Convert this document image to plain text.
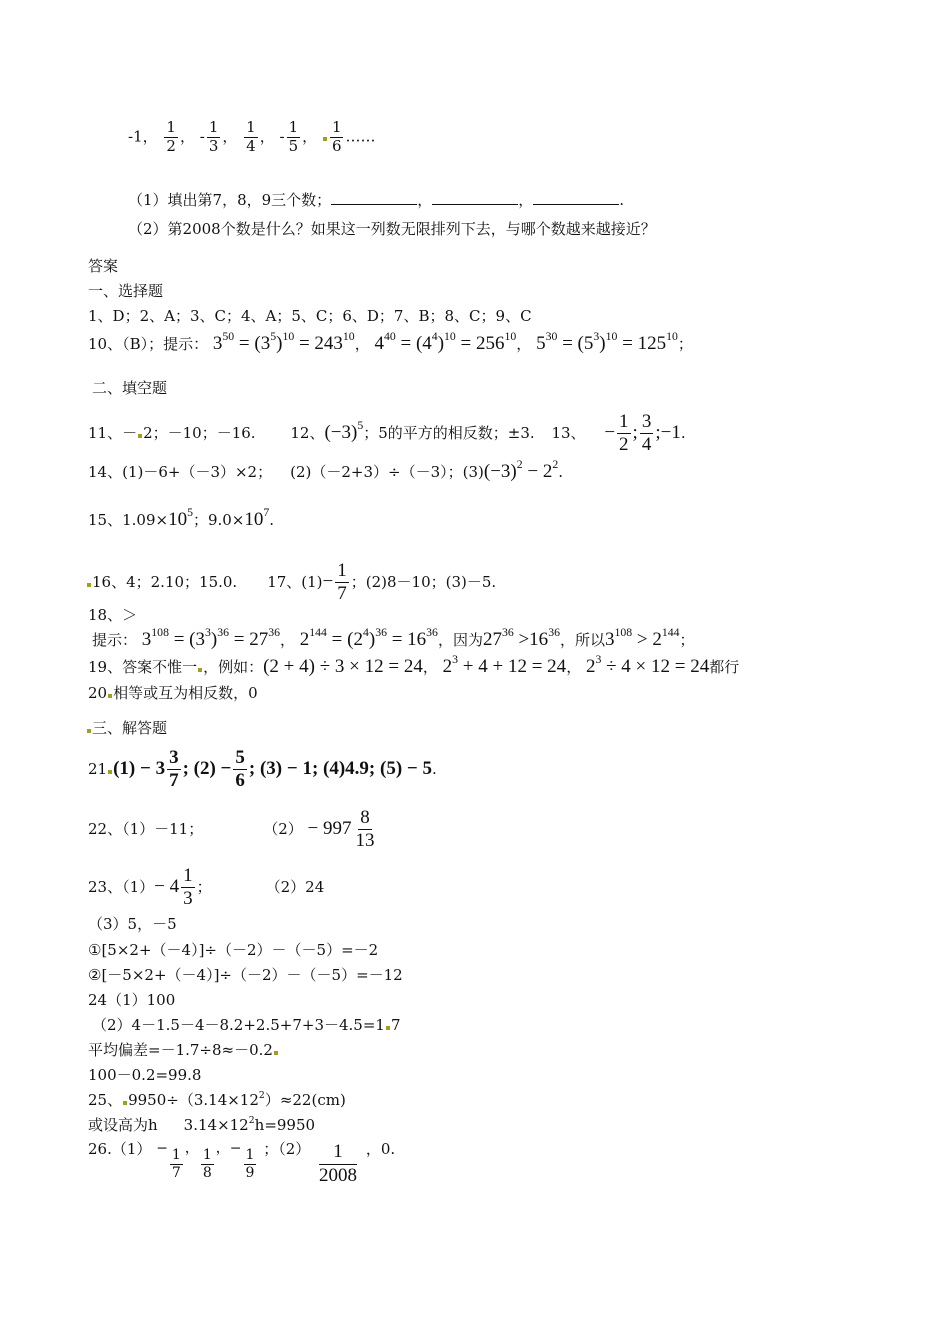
-1， $\frac{1}{2}$ ， - $\frac{1}{3}$ ， $\frac{1}{4}$ ， - $\frac{1}{5}$ ， $\frac{1}{6}$ ……
（1）填出第7，8，9三个数；	，	，	.
（2）第2008个数是什么？如果这一列数无限排列下去，与哪个数越来越接近？
答案
一、选择题
1、D；2、A；3、C；4、A；5、C；6、D；7、B；8、C；9、C
10、（B）；提示： $3^{50} = (3^5)^{10} = 243^{10}$， $4^{40} = (4^4)^{10} = 256^{10}$， $5^{30} = (5^3)^{10} = 125^{10}$；
二、填空题
11、－ 2；－10；－16. 12、$(-3)^5$；5的平方的相反数；±3. 13、 − $\frac{1}{2}$ ; $\frac{3}{4}$ ;−1.
14、(1)－6+（－3）×2； (2)（－2+3）÷（－3）；$(3)(-3)^2 - 2^2$.
15、$1.09\times 10^5$；$9.0\times 10^7$.
16、4；2.10；15.0. 17、$(1)- \frac{1}{7}$ ；(2)8－10；(3)－5.
18、＞
提示： $3^{108} = (3^3)^{36} = 27^{36}$， $2^{144} = (2^4)^{36} = 16^{36}$，因为$27^{36} >16^{36}$，所以$3^{108} > 2^{144}$；
19、答案不惟一 ，例如：(2 + 4) ÷ 3 × 12 = 24， $2^3 + 4 + 12 = 24$， $2^3 \div 4 \times 12 = 24$都行
20 相等或互为相反数，0
三、解答题
21 $(1) - 3 \frac{3}{7}$ ; $(2) - \frac{5}{6}$ ; (3) − 1; (4)4.9; (5) − 5.
22、（1）－11；	$(2) - 997 \frac{8}{13}$
23、$(1)- 4 \frac{1}{3}$ ；	（2）24
（3）5，－5
①[5×2+（－4）]÷（－2）－（－5）=－2
②[－5×2+（－4）]÷（－2）－（－5）=－12
24（1）100
（2）4－1.5－4－8.2+2.5+7+3－4.5=1 7
平均偏差=－1.7÷8≈－0.2
100－0.2=99.8
25、 $9950\div(3.14\times 12^2)\approx 22(cm)$
或设高为h $3.14\times 12^2h=9950$
$26.(1) - \frac{1}{7}$ ， $\frac{1}{8}$ ，− $\frac{1}{9}$ ；$(2) \frac{1}{2008}$ ，0.
